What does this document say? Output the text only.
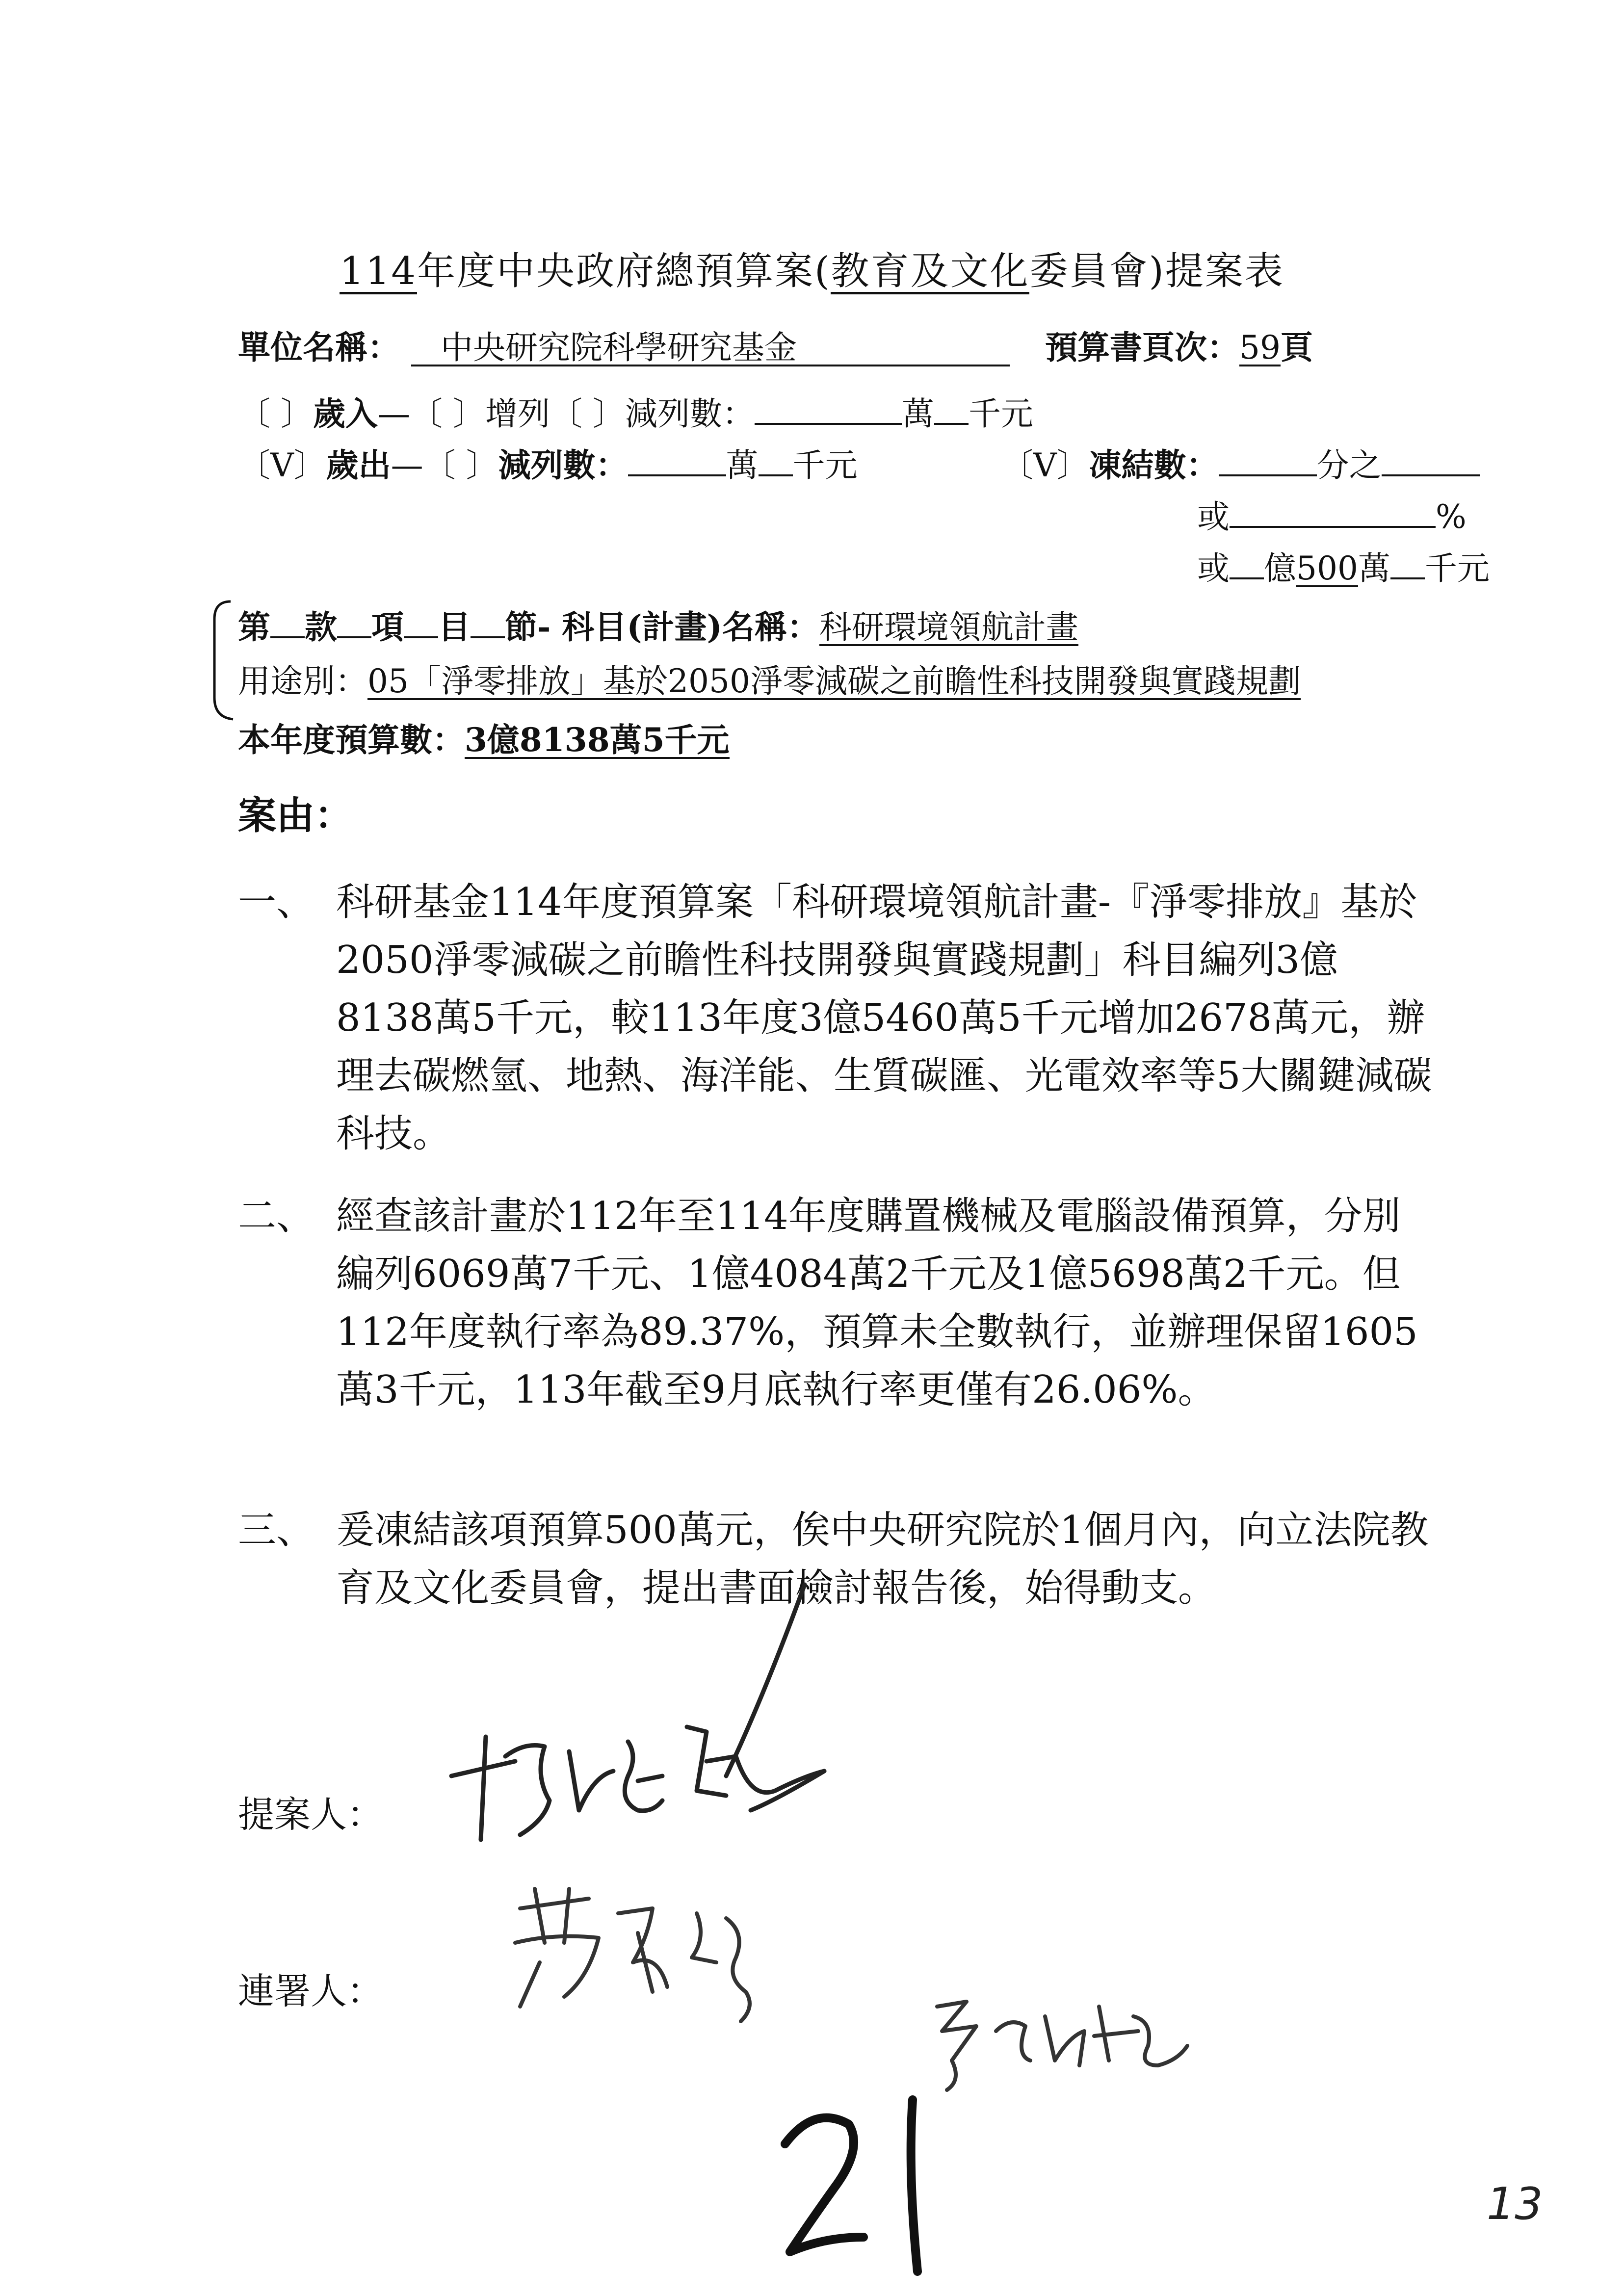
114年度中央政府總預算案(教育及文化委員會)提案表
單位名稱： 中央研究院科學研究基金	預算書頁次：59頁
〔 〕歲入—〔 〕增列〔 〕減列數：	萬 千元
〔V〕歲出—〔 〕減列數：	萬 千元	〔V〕凍結數：	分之
或	%
或 億500萬 千元
第 款 項 目 節- 科目(計畫)名稱：科研環境領航計畫
用途別：05「淨零排放」基於2050淨零減碳之前瞻性科技開發與實踐規劃
本年度預算數：3億8138萬5千元
案由：
一、 科研基金114年度預算案「科研環境領航計畫-『淨零排放』基於2050淨零減碳之前瞻性科技開發與實踐規劃」科目編列3億8138萬5千元，較113年度3億5460萬5千元增加2678萬元，辦理去碳燃氫、地熱、海洋能、生質碳匯、光電效率等5大關鍵減碳科技。
二、 經查該計畫於112年至114年度購置機械及電腦設備預算，分別編列6069萬7千元、1億4084萬2千元及1億5698萬2千元。但112年度執行率為89.37%，預算未全數執行，並辦理保留1605萬3千元，113年截至9月底執行率更僅有26.06%。
三、 爰凍結該項預算500萬元，俟中央研究院於1個月內，向立法院教育及文化委員會，提出書面檢討報告後，始得動支。
提案人：
連署人：
13
